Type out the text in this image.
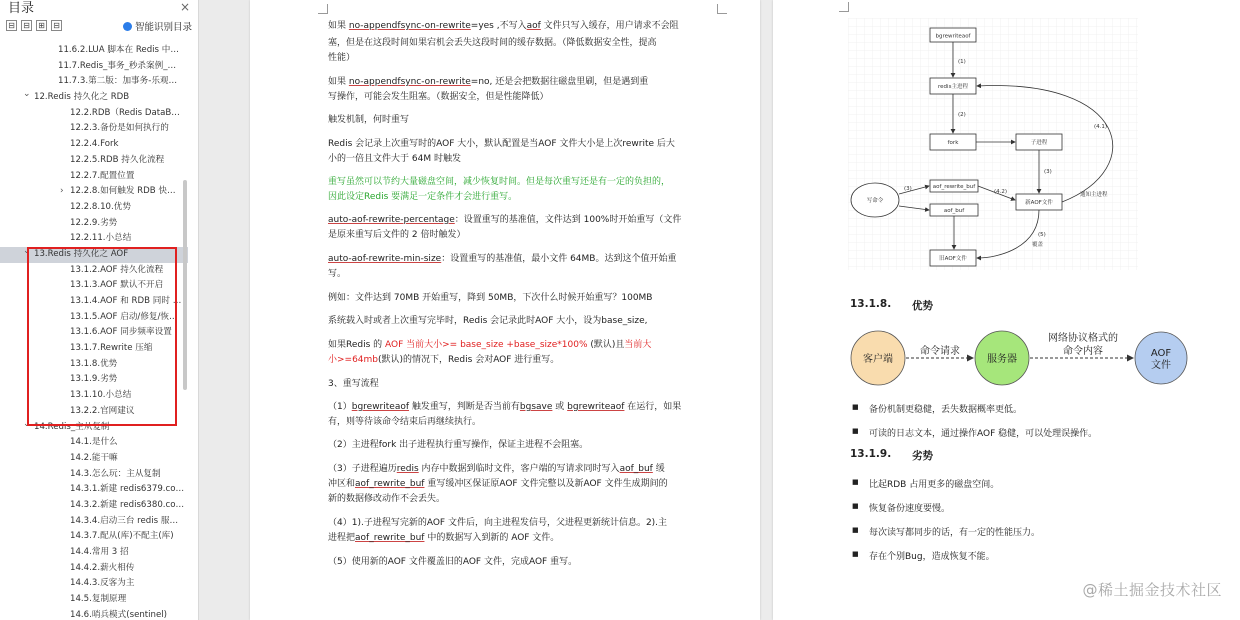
目录	×
⊟ ⊟ ⊞ ⊟	智能识别目录
11.6.2.LUA 脚本在 Redis 中…
11.7.Redis_事务_秒杀案例_…
11.7.3.第二版：加事务-乐观…
⌄ 12.Redis 持久化之 RDB
12.2.RDB（Redis DataB…
12.2.3.备份是如何执行的
12.2.4.Fork
12.2.5.RDB 持久化流程
12.2.7.配置位置
› 12.2.8.如何触发 RDB 快…
12.2.8.10.优势
12.2.9.劣势
12.2.11.小总结
⌄ 13.Redis 持久化之 AOF
13.1.2.AOF 持久化流程
13.1.3.AOF 默认不开启
13.1.4.AOF 和 RDB 同时 …
13.1.5.AOF 启动/修复/恢…
13.1.6.AOF 同步频率设置
13.1.7.Rewrite 压缩
13.1.8.优势
13.1.9.劣势
13.1.10.小总结
13.2.2.官网建议
⌄ 14.Redis_主从复制
14.1.是什么
14.2.能干嘛
14.3.怎么玩：主从复制
14.3.1.新建 redis6379.co…
14.3.2.新建 redis6380.co…
14.3.4.启动三台 redis 服…
14.3.7.配从(库)不配主(库)
14.4.常用 3 招
14.4.2.薪火相传
14.4.3.反客为主
14.5.复制原理
14.6.哨兵模式(sentinel)
如果 no-appendfsync-on-rewrite=yes ,不写入aof 文件只写入缓存，用户请求不会阻
塞，但是在这段时间如果宕机会丢失这段时间的缓存数据。（降低数据安全性，提高
性能）
如果 no-appendfsync-on-rewrite=no, 还是会把数据往磁盘里刷，但是遇到重
写操作，可能会发生阻塞。（数据安全，但是性能降低）
触发机制，何时重写
Redis 会记录上次重写时的AOF 大小，默认配置是当AOF 文件大小是上次rewrite 后大
小的一倍且文件大于 64M 时触发
重写虽然可以节约大量磁盘空间，减少恢复时间。但是每次重写还是有一定的负担的，
因此设定Redis 要满足一定条件才会进行重写。
auto-aof-rewrite-percentage：设置重写的基准值，文件达到 100%时开始重写（文件
是原来重写后文件的 2 倍时触发）
auto-aof-rewrite-min-size：设置重写的基准值，最小文件 64MB。达到这个值开始重
写。
例如：文件达到 70MB 开始重写，降到 50MB，下次什么时候开始重写？100MB
系统载入时或者上次重写完毕时，Redis 会记录此时AOF 大小，设为base_size,
如果Redis 的 AOF 当前大小>= base_size +base_size*100% (默认)且当前大
小>=64mb(默认)的情况下，Redis 会对AOF 进行重写。
3、重写流程
（1）bgrewriteaof 触发重写，判断是否当前有bgsave 或 bgrewriteaof 在运行，如果
有，则等待该命令结束后再继续执行。
（2）主进程fork 出子进程执行重写操作，保证主进程不会阻塞。
（3）子进程遍历redis 内存中数据到临时文件，客户端的写请求同时写入aof_buf 缓
冲区和aof_rewrite_buf 重写缓冲区保证原AOF 文件完整以及新AOF 文件生成期间的
新的数据修改动作不会丢失。
（4）1).子进程写完新的AOF 文件后，向主进程发信号，父进程更新统计信息。2).主
进程把aof_rewrite_buf 中的数据写入到新的 AOF 文件。
（5）使用新的AOF 文件覆盖旧的AOF 文件，完成AOF 重写。
bgrewriteaof
redis主进程
fork	子进程
写命令
aof_rewrite_buf
aof_buf
新AOF文件
旧AOF文件
(1)
(2)
(3)
(3)
(4.1)
(4.2)
(5)
通知主进程
覆盖
13.1.8. 优势
客户端
命令请求
服务器
网络协议格式的
命令内容	AOF
文件
■ 备份机制更稳健，丢失数据概率更低。
■ 可读的日志文本，通过操作AOF 稳健，可以处理误操作。
13.1.9. 劣势
■ 比起RDB 占用更多的磁盘空间。
■ 恢复备份速度要慢。
■ 每次读写都同步的话，有一定的性能压力。
■ 存在个别Bug，造成恢复不能。
@稀土掘金技术社区
